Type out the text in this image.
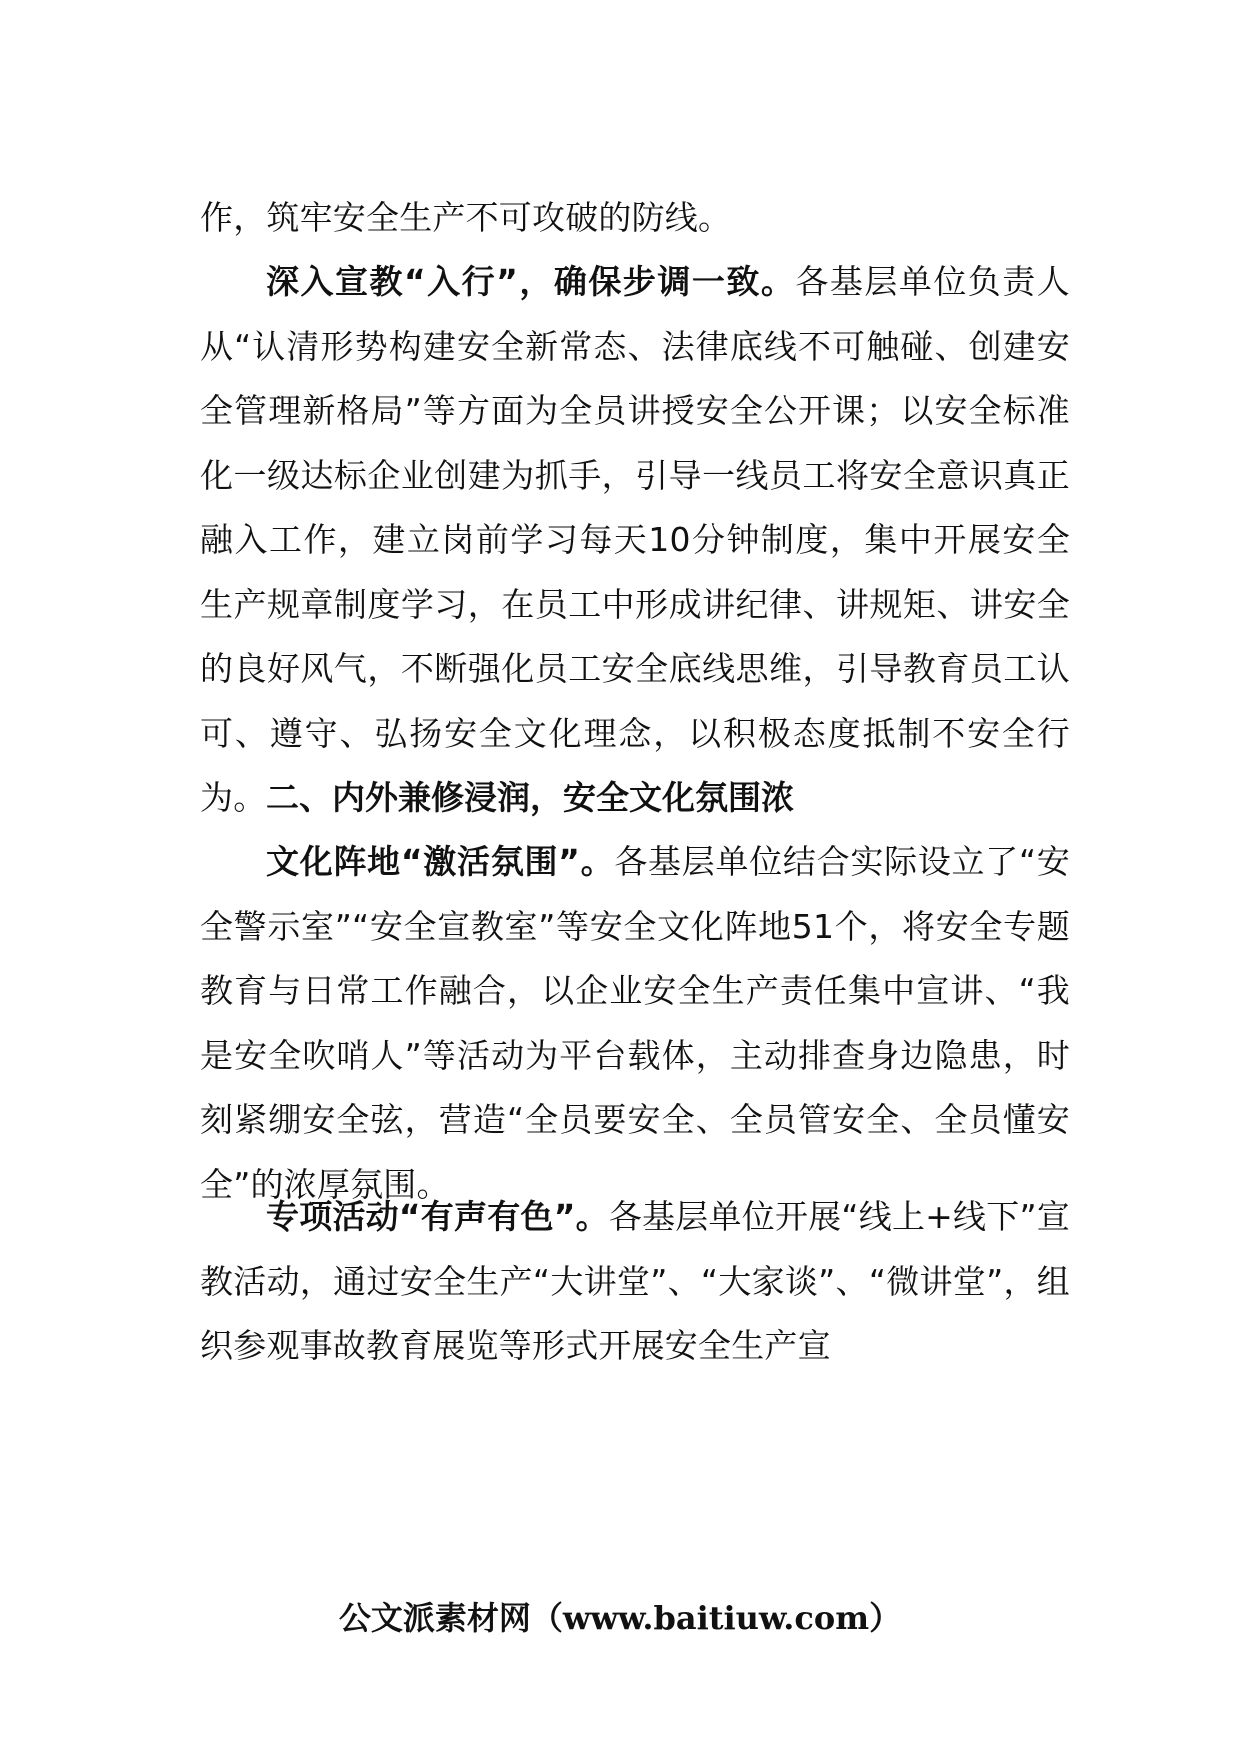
作，筑牢安全生产不可攻破的防线。

深入宣教“入行”，确保步调一致。各基层单位负责人从“认清形势构建安全新常态、法律底线不可触碰、创建安全管理新格局”等方面为全员讲授安全公开课；以安全标准化一级达标企业创建为抓手，引导一线员工将安全意识真正融入工作，建立岗前学习每天10分钟制度，集中开展安全生产规章制度学习，在员工中形成讲纪律、讲规矩、讲安全的良好风气，不断强化员工安全底线思维，引导教育员工认可、遵守、弘扬安全文化理念，以积极态度抵制不安全行为。 二、内外兼修浸润，安全文化氛围浓

文化阵地“激活氛围”。各基层单位结合实际设立了“安全警示室”“安全宣教室”等安全文化阵地51个，将安全专题教育与日常工作融合，以企业安全生产责任集中宣讲、“我是安全吹哨人”等活动为平台载体，主动排查身边隐患，时刻紧绷安全弦，营造“全员要安全、全员管安全、全员懂安全”的浓厚氛围。

专项活动“有声有色”。各基层单位开展“线上+线下”宣教活动，通过安全生产“大讲堂”、“大家谈”、“微讲堂”，组织参观事故教育展览等形式开展安全生产宣

公文派素材网（www.baitiuw.com）
